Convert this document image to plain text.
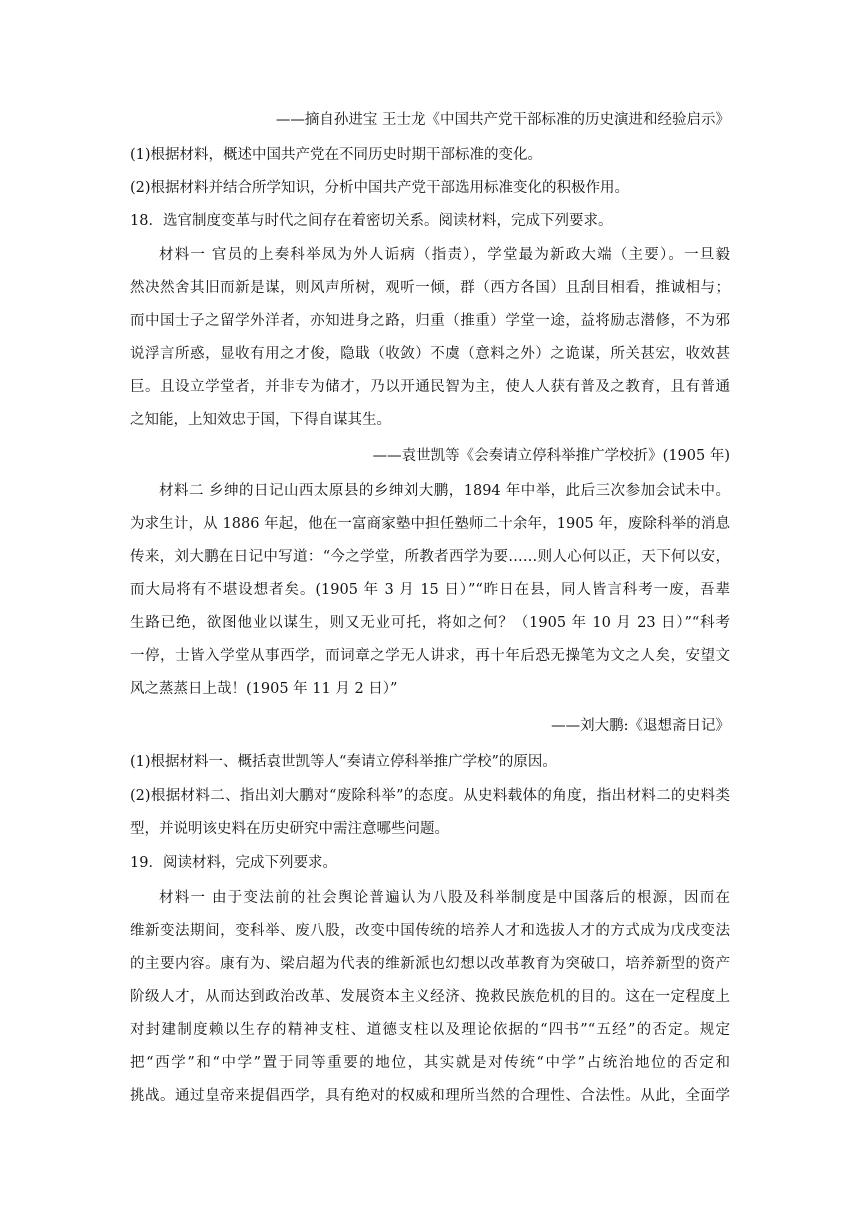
——摘自孙进宝 王士龙《中国共产党干部标准的历史演进和经验启示》
(1)根据材料，概述中国共产党在不同历史时期干部标准的变化。
(2)根据材料并结合所学知识，分析中国共产党干部选用标准变化的积极作用。
18．选官制度变革与时代之间存在着密切关系。阅读材料，完成下列要求。
材料一 官员的上奏科举凤为外人诟病（指责），学堂最为新政大端（主要）。一旦毅
然决然舍其旧而新是谋，则风声所树，观听一倾，群（西方各国）且刮目相看，推诚相与；
而中国士子之留学外洋者，亦知进身之路，归重（推重）学堂一途，益将励志潜修，不为邪
说浮言所惑，显收有用之才俊，隐戢（收敛）不虞（意料之外）之诡谋，所关甚宏，收效甚
巨。且设立学堂者，并非专为储才，乃以开通民智为主，使人人获有普及之教育，且有普通
之知能，上知效忠于国，下得自谋其生。
——袁世凯等《会奏请立停科举推广学校折》(1905 年)
材料二 乡绅的日记山西太原县的乡绅刘大鹏，1894 年中举，此后三次参加会试未中。
为求生计，从 1886 年起，他在一富商家塾中担任塾师二十余年，1905 年，废除科举的消息
传来，刘大鹏在日记中写道：“今之学堂，所教者西学为要……则人心何以正，天下何以安，
而大局将有不堪设想者矣。(1905 年 3 月 15 日）”“昨日在县，同人皆言科考一废，吾辈
生路已绝，欲图他业以谋生，则又无业可托，将如之何？（1905 年 10 月 23 日）”“科考
一停，士皆入学堂从事西学，而词章之学无人讲求，再十年后恐无操笔为文之人矣，安望文
风之蒸蒸日上哉！(1905 年 11 月 2 日）”
——刘大鹏:《退想斋日记》
(1)根据材料一、概括袁世凯等人“奏请立停科举推广学校”的原因。
(2)根据材料二、指出刘大鹏对“废除科举”的态度。从史料载体的角度，指出材料二的史料类
型，并说明该史料在历史研究中需注意哪些问题。
19．阅读材料，完成下列要求。
材料一 由于变法前的社会舆论普遍认为八股及科举制度是中国落后的根源，因而在
维新变法期间，变科举、废八股，改变中国传统的培养人才和选拔人才的方式成为戊戌变法
的主要内容。康有为、梁启超为代表的维新派也幻想以改革教育为突破口，培养新型的资产
阶级人才，从而达到政治改革、发展资本主义经济、挽救民族危机的目的。这在一定程度上
对封建制度赖以生存的精神支柱、道德支柱以及理论依据的“四书”“五经”的否定。规定
把“西学”和“中学”置于同等重要的地位，其实就是对传统“中学”占统治地位的否定和
挑战。通过皇帝来提倡西学，具有绝对的权威和理所当然的合理性、合法性。从此，全面学
